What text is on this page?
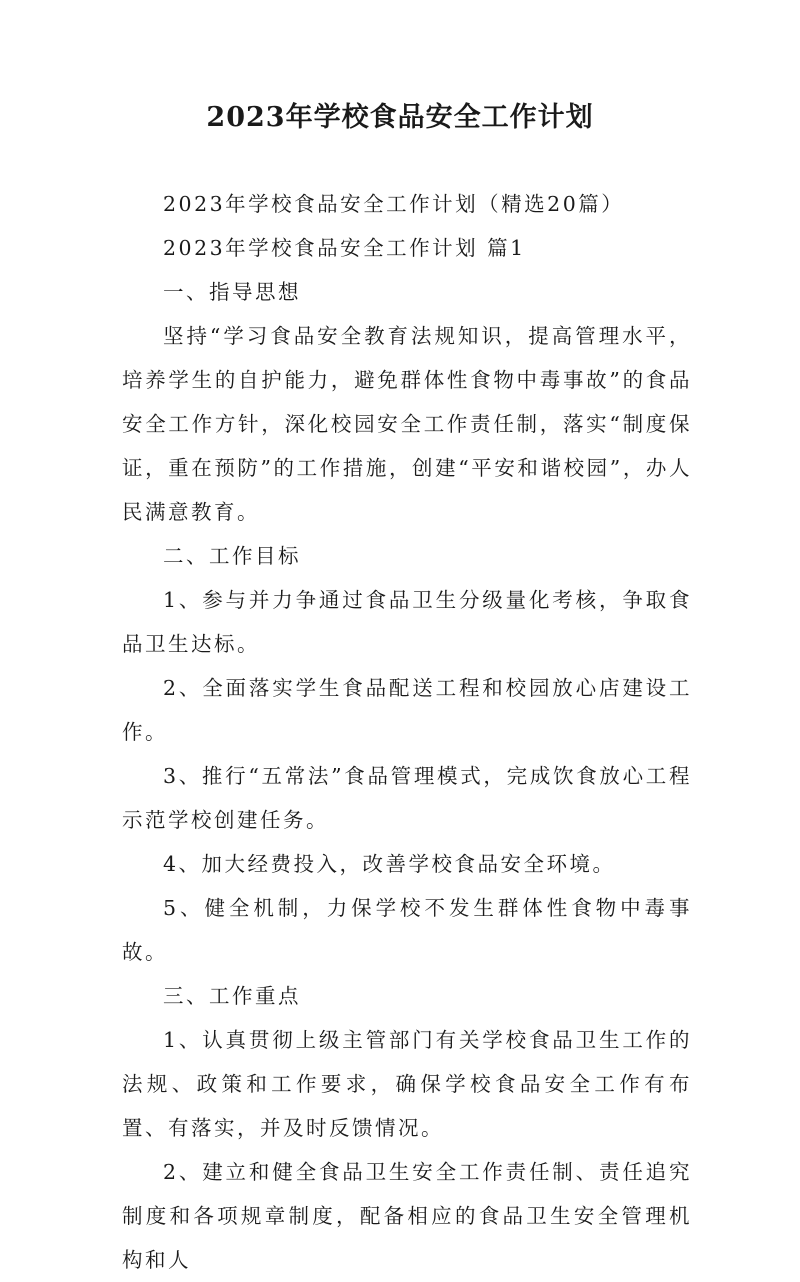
2023年学校食品安全工作计划

2023年学校食品安全工作计划（精选20篇）

2023年学校食品安全工作计划 篇1

一、指导思想

坚持“学习食品安全教育法规知识，提高管理水平，培养学生的自护能力，避免群体性食物中毒事故”的食品安全工作方针，深化校园安全工作责任制，落实“制度保证，重在预防”的工作措施，创建“平安和谐校园”，办人民满意教育。

二、工作目标

1、参与并力争通过食品卫生分级量化考核，争取食品卫生达标。

2、全面落实学生食品配送工程和校园放心店建设工作。

3、推行“五常法”食品管理模式，完成饮食放心工程示范学校创建任务。

4、加大经费投入，改善学校食品安全环境。

5、健全机制，力保学校不发生群体性食物中毒事故。

三、工作重点

1、认真贯彻上级主管部门有关学校食品卫生工作的法规、政策和工作要求，确保学校食品安全工作有布置、有落实，并及时反馈情况。

2、建立和健全食品卫生安全工作责任制、责任追究制度和各项规章制度，配备相应的食品卫生安全管理机构和人
